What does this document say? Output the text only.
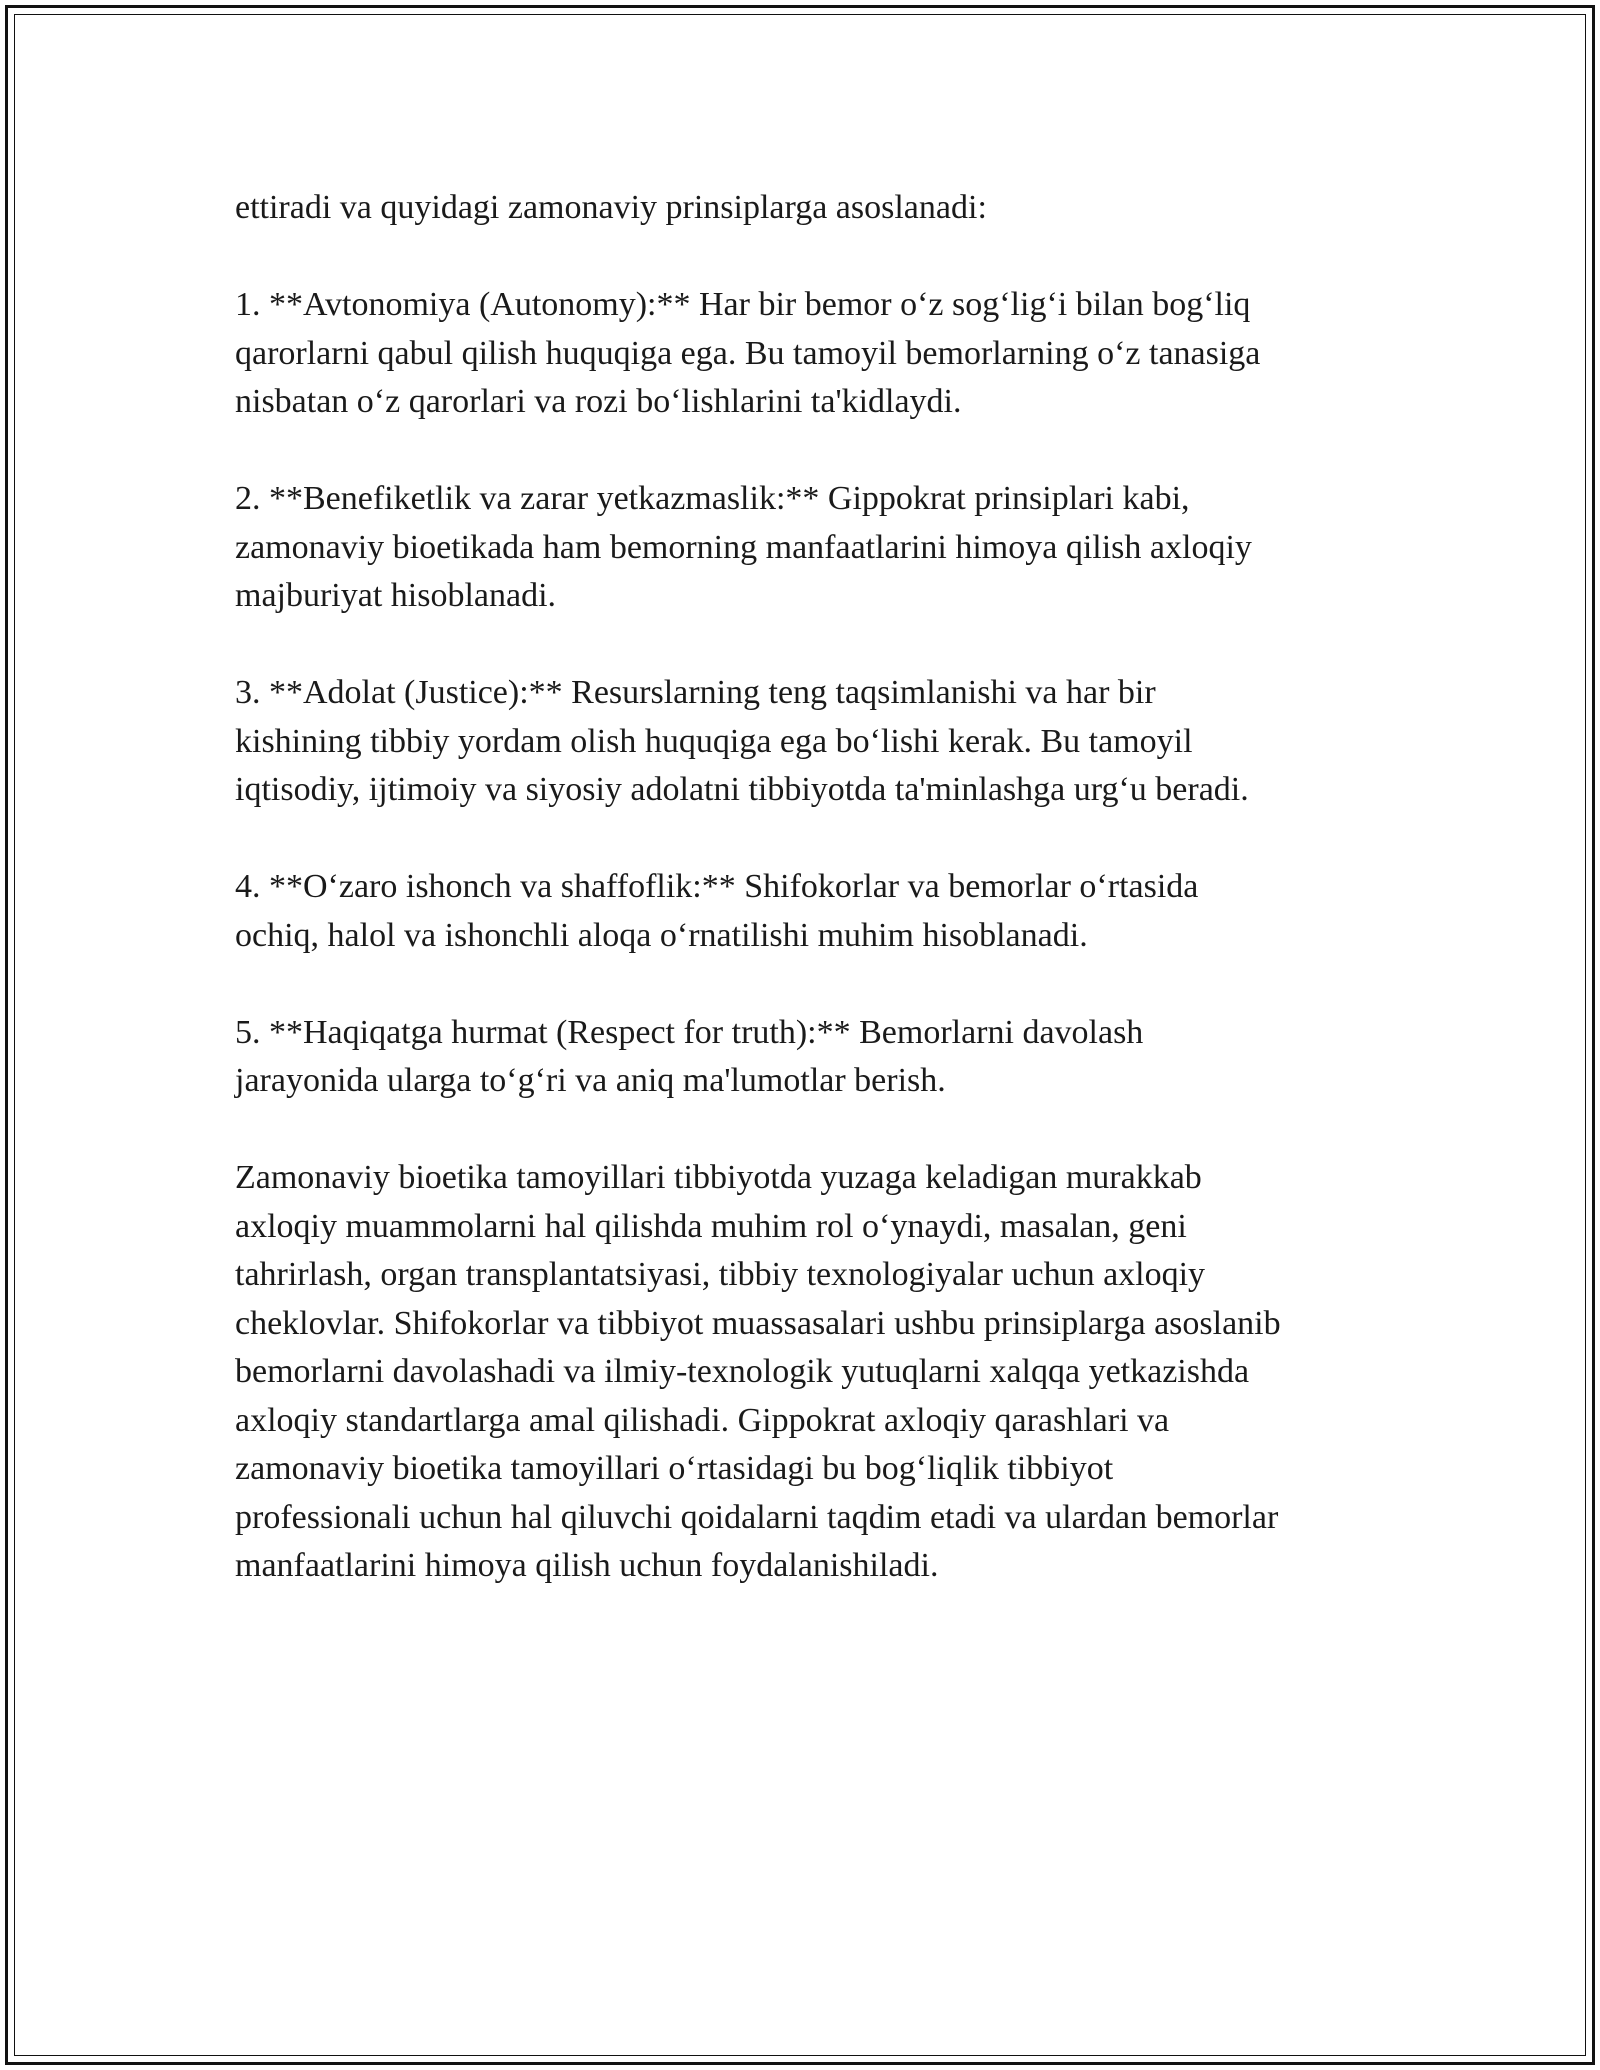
ettiradi va quyidagi zamonaviy prinsiplarga asoslanadi:

1. **Avtonomiya (Autonomy):** Har bir bemor o‘z sog‘lig‘i bilan bog‘liq
qarorlarni qabul qilish huquqiga ega. Bu tamoyil bemorlarning o‘z tanasiga
nisbatan o‘z qarorlari va rozi bo‘lishlarini ta'kidlaydi.

2. **Benefiketlik va zarar yetkazmaslik:** Gippokrat prinsiplari kabi,
zamonaviy bioetikada ham bemorning manfaatlarini himoya qilish axloqiy
majburiyat hisoblanadi.

3. **Adolat (Justice):** Resurslarning teng taqsimlanishi va har bir
kishining tibbiy yordam olish huquqiga ega bo‘lishi kerak. Bu tamoyil
iqtisodiy, ijtimoiy va siyosiy adolatni tibbiyotda ta'minlashga urg‘u beradi.

4. **O‘zaro ishonch va shaffoflik:** Shifokorlar va bemorlar o‘rtasida
ochiq, halol va ishonchli aloqa o‘rnatilishi muhim hisoblanadi.

5. **Haqiqatga hurmat (Respect for truth):** Bemorlarni davolash
jarayonida ularga to‘g‘ri va aniq ma'lumotlar berish.

Zamonaviy bioetika tamoyillari tibbiyotda yuzaga keladigan murakkab
axloqiy muammolarni hal qilishda muhim rol o‘ynaydi, masalan, geni
tahrirlash, organ transplantatsiyasi, tibbiy texnologiyalar uchun axloqiy
cheklovlar. Shifokorlar va tibbiyot muassasalari ushbu prinsiplarga asoslanib
bemorlarni davolashadi va ilmiy-texnologik yutuqlarni xalqqa yetkazishda
axloqiy standartlarga amal qilishadi. Gippokrat axloqiy qarashlari va
zamonaviy bioetika tamoyillari o‘rtasidagi bu bog‘liqlik tibbiyot
professionali uchun hal qiluvchi qoidalarni taqdim etadi va ulardan bemorlar
manfaatlarini himoya qilish uchun foydalanishiladi.
